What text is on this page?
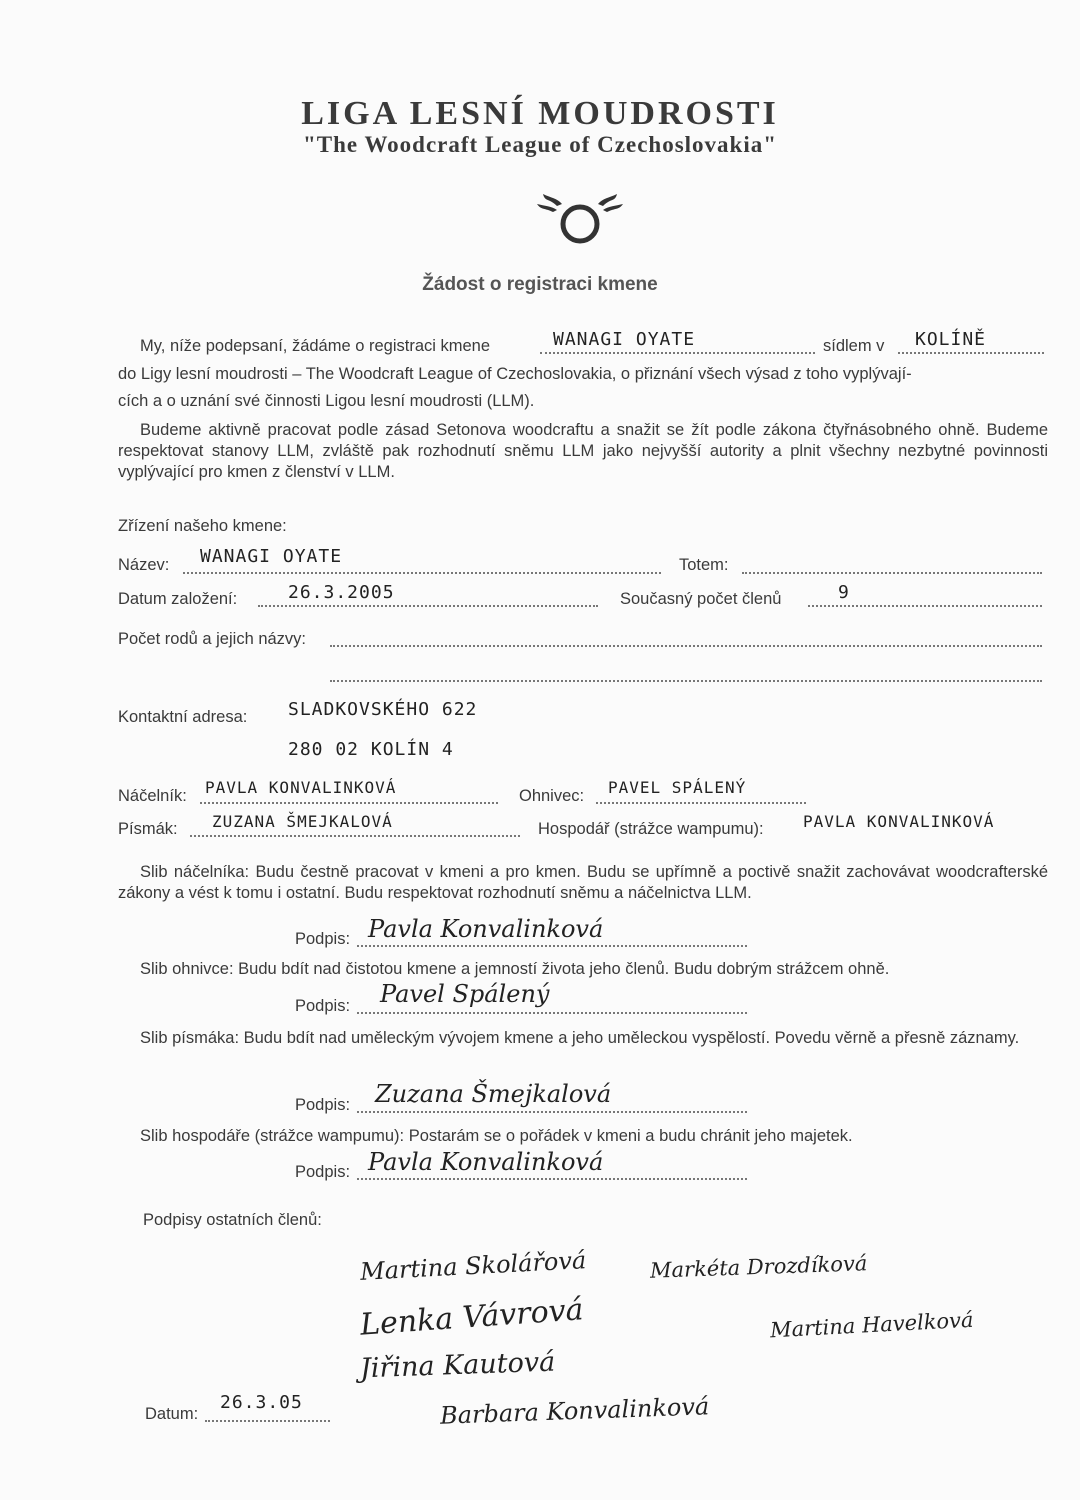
LIGA LESNÍ MOUDROSTI
"The Woodcraft League of Czechoslovakia"
Žádost o registraci kmene
My, níže podepsaní, žádáme o registraci kmene	WANAGI OYATE	sídlem v KOLÍNĚ
do Ligy lesní moudrosti – The Woodcraft League of Czechoslovakia, o přiznání všech výsad z toho vyplývají-
cích a o uznání své činnosti Ligou lesní moudrosti (LLM).
Budeme aktivně pracovat podle zásad Setonova woodcraftu a snažit se žít podle zákona čtyřnásobného ohně. Budeme respektovat stanovy LLM, zvláště pak rozhodnutí sněmu LLM jako nejvyšší autority a plnit všechny nezbytné povinnosti vyplývající pro kmen z členství v LLM.
Zřízení našeho kmene:
Název: WANAGI OYATE	Totem:
Datum založení:	26.3.2005	Současný počet členů	9
Počet rodů a jejich názvy:
Kontaktní adresa: SLADKOVSKÉHO 622
280 02 KOLÍN 4
Náčelník: PAVLA KONVALINKOVÁ	Ohnivec: PAVEL SPÁLENÝ
Písmák: ZUZANA ŠMEJKALOVÁ	Hospodář (strážce wampumu): PAVLA KONVALINKOVÁ
Slib náčelníka: Budu čestně pracovat v kmeni a pro kmen. Budu se upřímně a poctivě snažit zachovávat woodcrafterské zákony a vést k tomu i ostatní. Budu respektovat rozhodnutí sněmu a náčelnictva LLM.
Podpis: Pavla Konvalinková
Slib ohnivce: Budu bdít nad čistotou kmene a jemností života jeho členů. Budu dobrým strážcem ohně.
Podpis: Pavel Spálený
Slib písmáka: Budu bdít nad uměleckým vývojem kmene a jeho uměleckou vyspělostí. Povedu věrně a přesně záznamy.
Podpis: Zuzana Šmejkalová
Slib hospodáře (strážce wampumu): Postarám se o pořádek v kmeni a budu chránit jeho majetek.
Podpis: Pavla Konvalinková
Podpisy ostatních členů:
Martina Skolářová	Markéta Drozdíková
Lenka Vávrová	Martina Havelková
Jiřina Kautová
Barbara Konvalinková
Datum:
26.3.05
